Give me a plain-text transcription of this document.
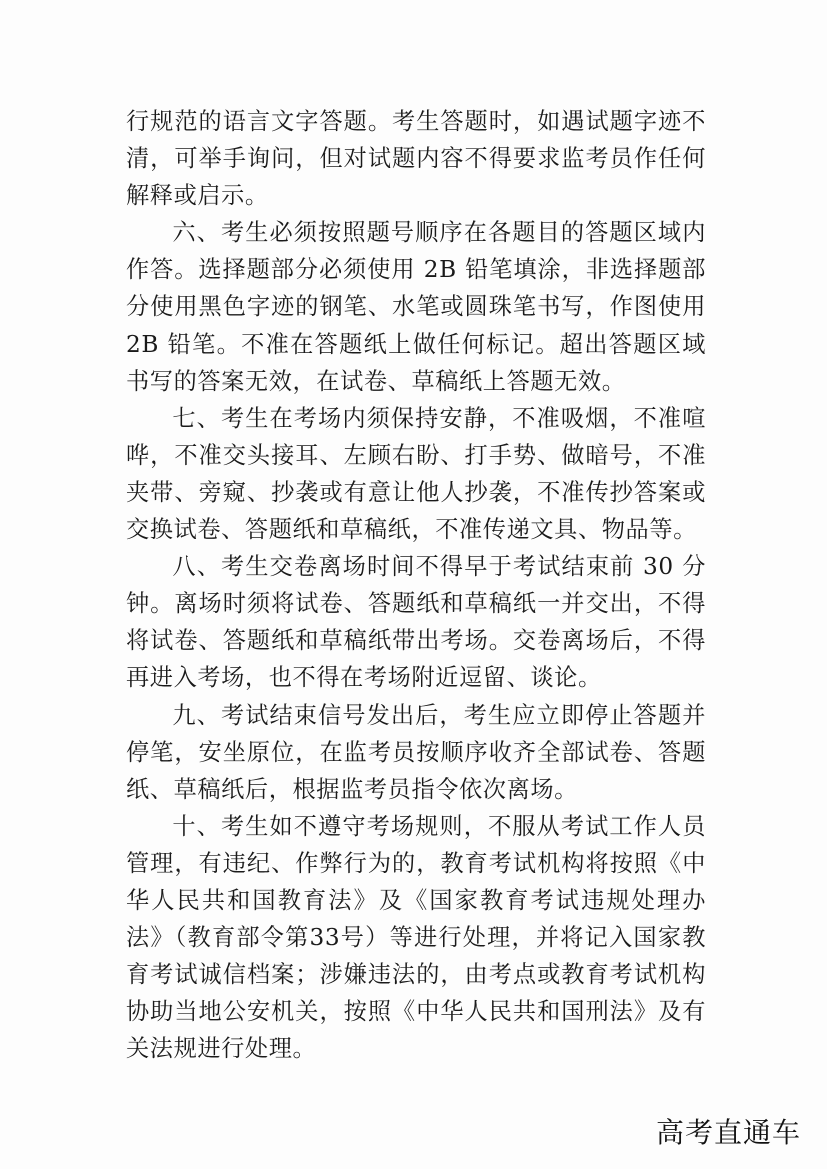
行规范的语言文字答题。考生答题时，如遇试题字迹不清，可举手询问，但对试题内容不得要求监考员作任何解释或启示。

六、考生必须按照题号顺序在各题目的答题区域内作答。选择题部分必须使用 2B 铅笔填涂，非选择题部分使用黑色字迹的钢笔、水笔或圆珠笔书写，作图使用 2B 铅笔。不准在答题纸上做任何标记。超出答题区域书写的答案无效，在试卷、草稿纸上答题无效。

七、考生在考场内须保持安静，不准吸烟，不准喧哗，不准交头接耳、左顾右盼、打手势、做暗号，不准夹带、旁窥、抄袭或有意让他人抄袭，不准传抄答案或交换试卷、答题纸和草稿纸，不准传递文具、物品等。

八、考生交卷离场时间不得早于考试结束前 30 分钟。离场时须将试卷、答题纸和草稿纸一并交出，不得将试卷、答题纸和草稿纸带出考场。交卷离场后，不得再进入考场，也不得在考场附近逗留、谈论。

九、考试结束信号发出后，考生应立即停止答题并停笔，安坐原位，在监考员按顺序收齐全部试卷、答题纸、草稿纸后，根据监考员指令依次离场。

十、考生如不遵守考场规则，不服从考试工作人员管理，有违纪、作弊行为的，教育考试机构将按照《中华人民共和国教育法》及《国家教育考试违规处理办法》（教育部令第33号）等进行处理，并将记入国家教育考试诚信档案；涉嫌违法的，由考点或教育考试机构协助当地公安机关，按照《中华人民共和国刑法》及有关法规进行处理。

高考直通车
